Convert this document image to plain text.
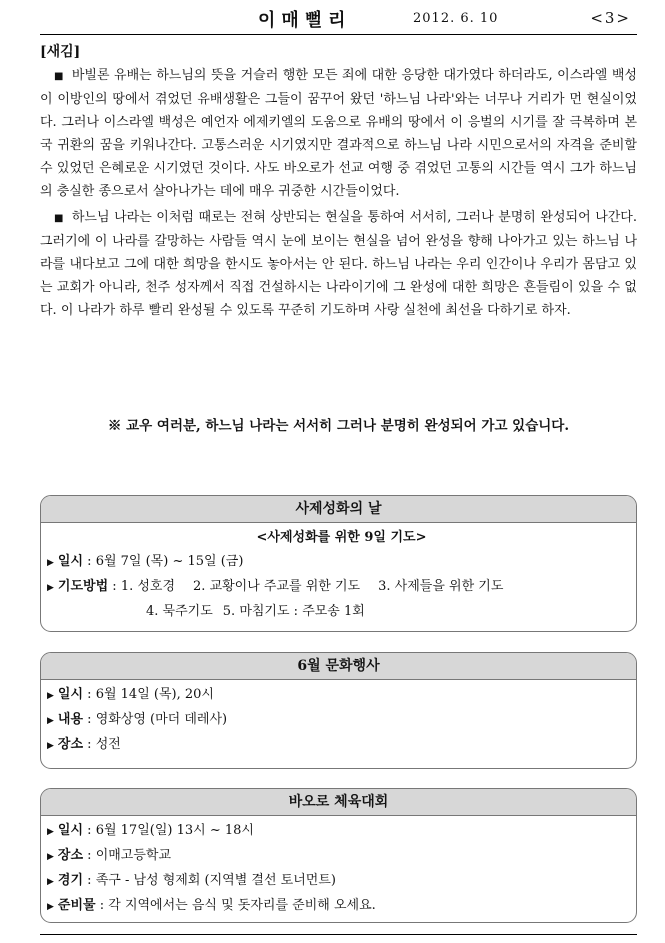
이매뻘리	2012. 6. 10	<3>
[새김]

■ 바빌론 유배는 하느님의 뜻을 거슬러 행한 모든 죄에 대한 응당한 대가였다 하더라도, 이스라엘 백성이 이방인의 땅에서 겪었던 유배생활은 그들이 꿈꾸어 왔던 '하느님 나라'와는 너무나 거리가 먼 현실이었다. 그러나 이스라엘 백성은 예언자 에제키엘의 도움으로 유배의 땅에서 이 응벌의 시기를 잘 극복하며 본국 귀환의 꿈을 키워나간다. 고통스러운 시기였지만 결과적으로 하느님 나라 시민으로서의 자격을 준비할 수 있었던 은혜로운 시기였던 것이다. 사도 바오로가 선교 여행 중 겪었던 고통의 시간들 역시 그가 하느님의 충실한 종으로서 살아나가는 데에 매우 귀중한 시간들이었다.

■ 하느님 나라는 이처럼 때로는 전혀 상반되는 현실을 통하여 서서히, 그러나 분명히 완성되어 나간다. 그러기에 이 나라를 갈망하는 사람들 역시 눈에 보이는 현실을 넘어 완성을 향해 나아가고 있는 하느님 나라를 내다보고 그에 대한 희망을 한시도 놓아서는 안 된다. 하느님 나라는 우리 인간이나 우리가 몸담고 있는 교회가 아니라, 천주 성자께서 직접 건설하시는 나라이기에 그 완성에 대한 희망은 흔들림이 있을 수 없다. 이 나라가 하루 빨리 완성될 수 있도록 꾸준히 기도하며 사랑 실천에 최선을 다하기로 하자.

※ 교우 여러분, 하느님 나라는 서서히 그러나 분명히 완성되어 가고 있습니다.
사제성화의 날
<사제성화를 위한 9일 기도>
▶ 일시 : 6월 7일 (목) ~ 15일 (금)
▶ 기도방법 : 1. 성호경 2. 교황이나 주교를 위한 기도 3. 사제들을 위한 기도
4. 묵주기도 5. 마침기도 : 주모송 1회
6월 문화행사
▶ 일시 : 6월 14일 (목), 20시
▶ 내용 : 영화상영 (마더 데레사)
▶ 장소 : 성전
바오로 체육대회
▶ 일시 : 6월 17일(일) 13시 ~ 18시
▶ 장소 : 이매고등학교
▶ 경기 : 족구 - 남성 형제회 (지역별 결선 토너먼트)
▶ 준비물 : 각 지역에서는 음식 및 돗자리를 준비해 오세요.
